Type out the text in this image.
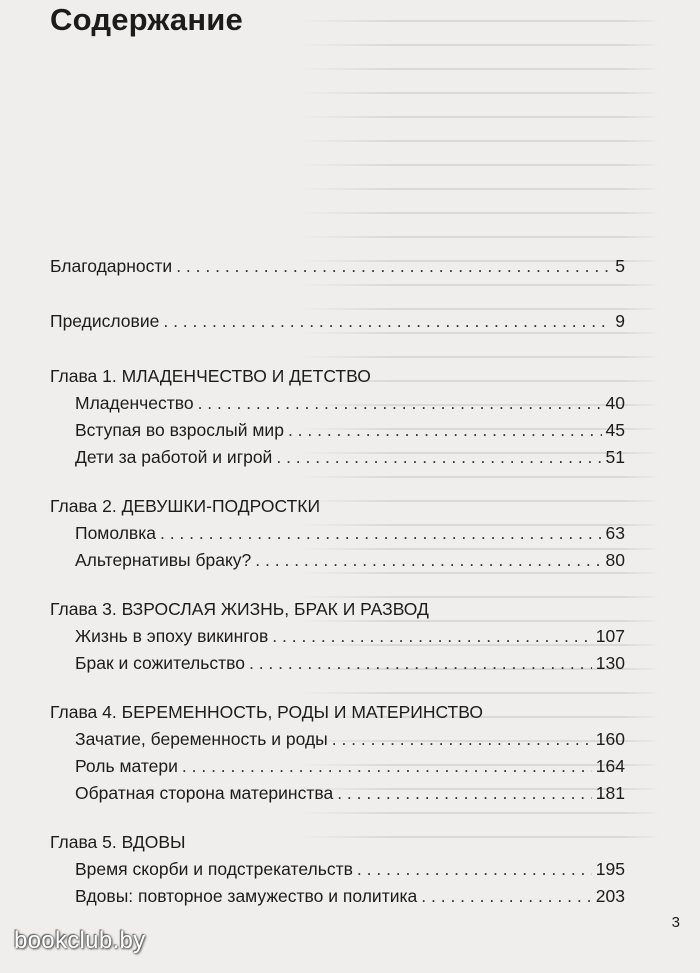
Содержание
Благодарности . . .	5
Предисловие . . .	9
Глава 1. МЛАДЕНЧЕСТВО И ДЕТСТВО
Младенчество . . .	40
Вступая во взрослый мир . . .	45
Дети за работой и игрой . . .	51
Глава 2. ДЕВУШКИ-ПОДРОСТКИ
Помолвка . . .	63
Альтернативы браку? . . .	80
Глава 3. ВЗРОСЛАЯ ЖИЗНЬ, БРАК И РАЗВОД
Жизнь в эпоху викингов . . .	107
Брак и сожительство . . .	130
Глава 4. БЕРЕМЕННОСТЬ, РОДЫ И МАТЕРИНСТВО
Зачатие, беременность и роды . . .	160
Роль матери . . .	164
Обратная сторона материнства . . .	181
Глава 5. ВДОВЫ
Время скорби и подстрекательств . . .	195
Вдовы: повторное замужество и политика . . .	203
3
bookclub.by
